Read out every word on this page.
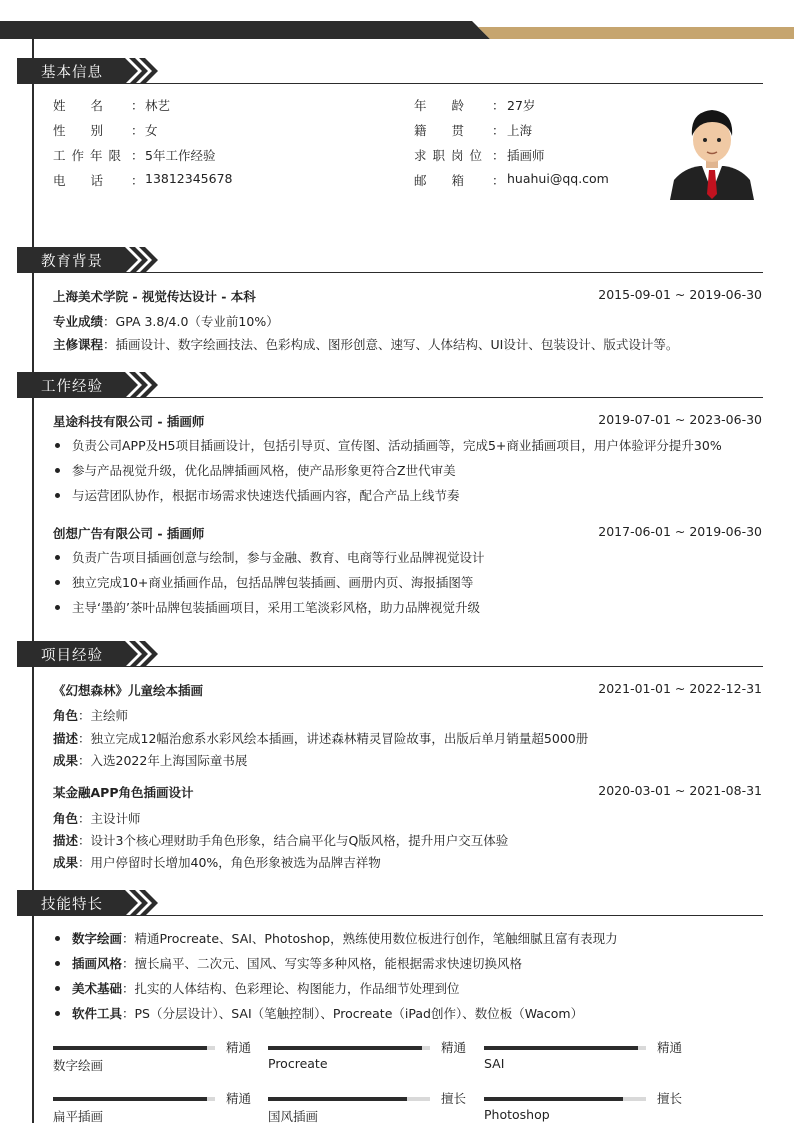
基本信息
姓　　名 ： 林艺
性　　别 ： 女
工作年限 ： 5年工作经验
电　　话 ： 13812345678
年　　龄 ： 27岁
籍　　贯 ： 上海
求职岗位 ： 插画师
邮　　箱 ： huahui@qq.com
教育背景
上海美术学院 - 视觉传达设计 - 本科	2015-09-01 ~ 2019-06-30
专业成绩：GPA 3.8/4.0（专业前10%）
主修课程：插画设计、数字绘画技法、色彩构成、图形创意、速写、人体结构、UI设计、包装设计、版式设计等。
工作经验
星途科技有限公司 - 插画师	2019-07-01 ~ 2023-06-30
负责公司APP及H5项目插画设计，包括引导页、宣传图、活动插画等，完成5+商业插画项目，用户体验评分提升30%
参与产品视觉升级，优化品牌插画风格，使产品形象更符合Z世代审美
与运营团队协作，根据市场需求快速迭代插画内容，配合产品上线节奏
创想广告有限公司 - 插画师	2017-06-01 ~ 2019-06-30
负责广告项目插画创意与绘制，参与金融、教育、电商等行业品牌视觉设计
独立完成10+商业插画作品，包括品牌包装插画、画册内页、海报插图等
主导‘墨韵’茶叶品牌包装插画项目，采用工笔淡彩风格，助力品牌视觉升级
项目经验
《幻想森林》儿童绘本插画	2021-01-01 ~ 2022-12-31
角色：主绘师
描述：独立完成12幅治愈系水彩风绘本插画，讲述森林精灵冒险故事，出版后单月销量超5000册
成果：入选2022年上海国际童书展
某金融APP角色插画设计	2020-03-01 ~ 2021-08-31
角色：主设计师
描述：设计3个核心理财助手角色形象，结合扁平化与Q版风格，提升用户交互体验
成果：用户停留时长增加40%，角色形象被选为品牌吉祥物
技能特长
数字绘画：精通Procreate、SAI、Photoshop，熟练使用数位板进行创作，笔触细腻且富有表现力
插画风格：擅长扁平、二次元、国风、写实等多种风格，能根据需求快速切换风格
美术基础：扎实的人体结构、色彩理论、构图能力，作品细节处理到位
软件工具：PS（分层设计）、SAI（笔触控制）、Procreate（iPad创作）、数位板（Wacom）
精通
数字绘画
精通
Procreate
精通
SAI
精通
扁平插画
擅长
国风插画
擅长
Photoshop
